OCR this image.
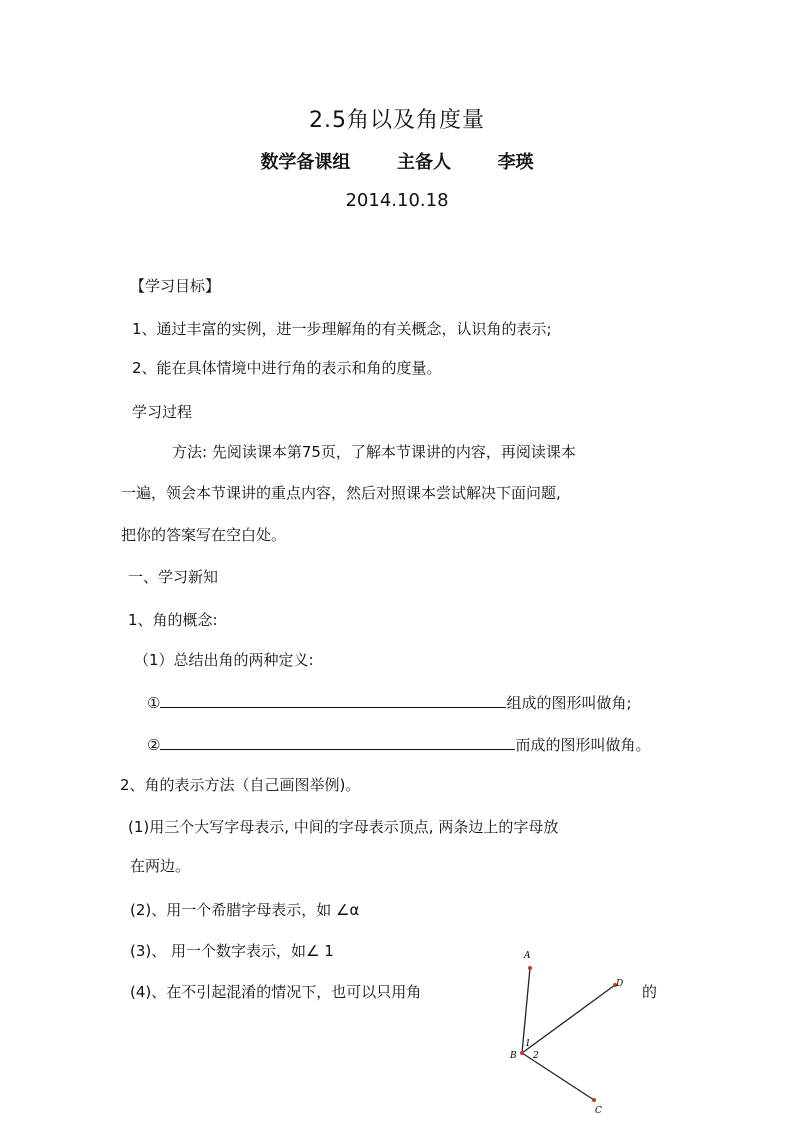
2.5角以及角度量
数学备课组	主备人	李瑛
2014.10.18
【学习目标】
1、通过丰富的实例，进一步理解角的有关概念，认识角的表示;
2、能在具体情境中进行角的表示和角的度量。
学习过程
方法: 先阅读课本第75页，了解本节课讲的内容，再阅读课本
一遍，领会本节课讲的重点内容，然后对照课本尝试解决下面问题,
把你的答案写在空白处。
一、学习新知
1、角的概念:
（1）总结出角的两种定义:
①	组成的图形叫做角;
②	而成的图形叫做角。
2、角的表示方法（自己画图举例)。
(1)用三个大写字母表示, 中间的字母表示顶点, 两条边上的字母放
在两边。
(2)、用一个希腊字母表示，如 ∠α
(3)、 用一个数字表示，如∠ 1
(4)、在不引起混淆的情况下，也可以只用角	的
A
D
C
B
1
2
